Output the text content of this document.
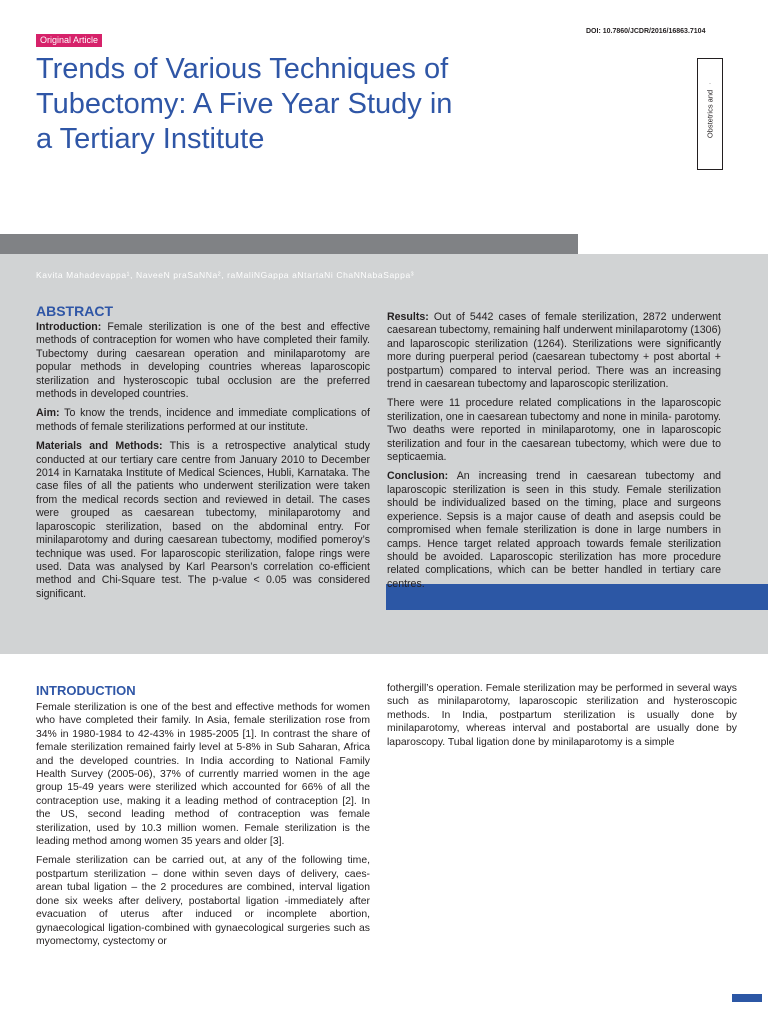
DOI: 10.7860/JCDR/2016/16863.7104
Original Article
Trends of Various Techniques of Tubectomy: A Five Year Study in a Tertiary Institute
Obstetrics and
·
Kavita Mahadevappa¹, NaveeN praSaNNa², raMaliNGappa aNtartaNi ChaNNabaSappa³
ABSTRACT

Introduction: Female sterilization is one of the best and effective methods of contraception for women who have completed their family. Tubectomy during caesarean operation and minilaparotomy are popular methods in developing countries whereas laparoscopic sterilization and hysteroscopic tubal occlusion are the preferred methods in developed countries.

Aim: To know the trends, incidence and immediate complications of methods of female sterilizations performed at our institute.

Materials and Methods: This is a retrospective analytical study conducted at our tertiary care centre from January 2010 to December 2014 in Karnataka Institute of Medical Sciences, Hubli, Karnataka. The case files of all the patients who underwent sterilization were taken from the medical records section and reviewed in detail. The cases were grouped as caesarean tubectomy, minilaparotomy and laparoscopic sterilization, based on the abdominal entry. For minilaparotomy and during caesarean tubectomy, modified pomeroy’s technique was used. For laparoscopic sterilization, falope rings were used. Data was analysed by Karl Pearson’s correlation co-efficient method and Chi-Square test. The p-value < 0.05 was considered significant.

Results: Out of 5442 cases of female sterilization, 2872 underwent caesarean tubectomy, remaining half underwent minilaparotomy (1306) and laparoscopic sterilization (1264). Sterilizations were significantly more during puerperal period (caesarean tubectomy + post abortal + postpartum) compared to interval period. There was an increasing trend in caesarean tubectomy and laparoscopic sterilization.

There were 11 procedure related complications in the laparoscopic sterilization, one in caesarean tubectomy and none in minila- parotomy. Two deaths were reported in minilaparotomy, one in laparoscopic sterilization and four in the caesarean tubectomy, which were due to septicaemia.

Conclusion: An increasing trend in caesarean tubectomy and laparoscopic sterilization is seen in this study. Female sterilization should be individualized based on the timing, place and surgeons experience. Sepsis is a major cause of death and asepsis could be compromised when female sterilization is done in large numbers in camps. Hence target related approach towards female sterilization should be avoided. Laparoscopic sterilization has more procedure related complications, which can be better handled in tertiary care centres.

INTRODUCTION

Female sterilization is one of the best and effective methods for women who have completed their family. In Asia, female sterilization rose from 34% in 1980-1984 to 42-43% in 1985-2005 [1]. In contrast the share of female sterilization remained fairly level at 5-8% in Sub Saharan, Africa and the developed countries. In India according to National Family Health Survey (2005-06), 37% of currently married women in the age group 15-49 years were sterilized which accounted for 66% of all the contraception use, making it a leading method of contraception [2]. In the US, second leading method of contraception was female sterilization, used by 10.3 million women. Female sterilization is the leading method among women 35 years and older [3].

Female sterilization can be carried out, at any of the following time, postpartum sterilization – done within seven days of delivery, caes- arean tubal ligation – the 2 procedures are combined, interval ligation done six weeks after delivery, postabortal ligation -immediately after evacuation of uterus after induced or incomplete abortion, gynaecological ligation-combined with gynaecological surgeries such as myomectomy, cystectomy or

fothergill’s operation. Female sterilization may be performed in several ways such as minilaparotomy, laparoscopic sterilization and hysteroscopic methods. In India, postpartum sterilization is usually done by minilaparotomy, whereas interval and postabortal are usually done by laparoscopy. Tubal ligation done by minilaparotomy is a simple
